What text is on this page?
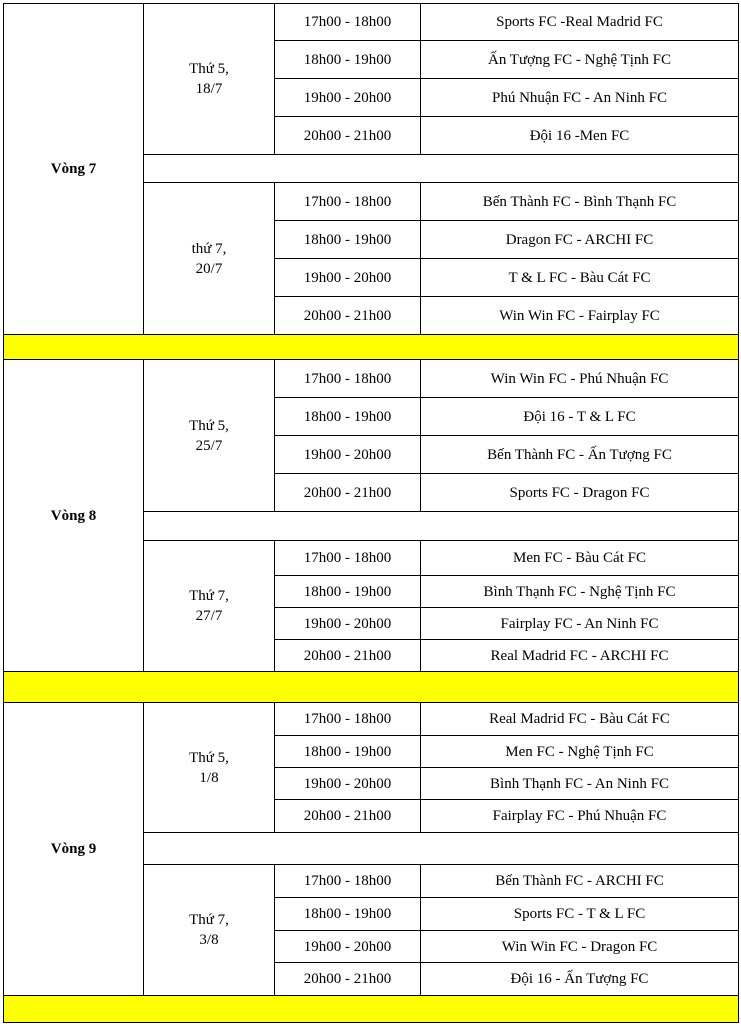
Vòng 7
Thứ 5,
18/7
17h00 - 18h00	Sports FC -Real Madrid FC
18h00 - 19h00	Ấn Tượng FC - Nghệ Tịnh FC
19h00 - 20h00	Phú Nhuận FC - An Ninh FC
20h00 - 21h00	Đội 16 -Men FC
thứ 7,
20/7
17h00 - 18h00	Bến Thành FC - Bình Thạnh FC
18h00 - 19h00	Dragon FC - ARCHI FC
19h00 - 20h00	T & L FC - Bàu Cát FC
20h00 - 21h00	Win Win FC - Fairplay FC
Vòng 8
Thứ 5,
25/7
17h00 - 18h00	Win Win FC - Phú Nhuận FC
18h00 - 19h00	Đội 16 - T & L FC
19h00 - 20h00	Bến Thành FC - Ấn Tượng FC
20h00 - 21h00	Sports FC - Dragon FC
Thứ 7,
27/7
17h00 - 18h00	Men FC - Bàu Cát FC
18h00 - 19h00	Bình Thạnh FC - Nghệ Tịnh FC
19h00 - 20h00	Fairplay FC - An Ninh FC
20h00 - 21h00	Real Madrid FC - ARCHI FC
Vòng 9
Thứ 5,
1/8
17h00 - 18h00	Real Madrid FC - Bàu Cát FC
18h00 - 19h00	Men FC - Nghệ Tịnh FC
19h00 - 20h00	Bình Thạnh FC - An Ninh FC
20h00 - 21h00	Fairplay FC - Phú Nhuận FC
Thứ 7,
3/8
17h00 - 18h00	Bến Thành FC - ARCHI FC
18h00 - 19h00	Sports FC - T & L FC
19h00 - 20h00	Win Win FC - Dragon FC
20h00 - 21h00	Đội 16 - Ấn Tượng FC
